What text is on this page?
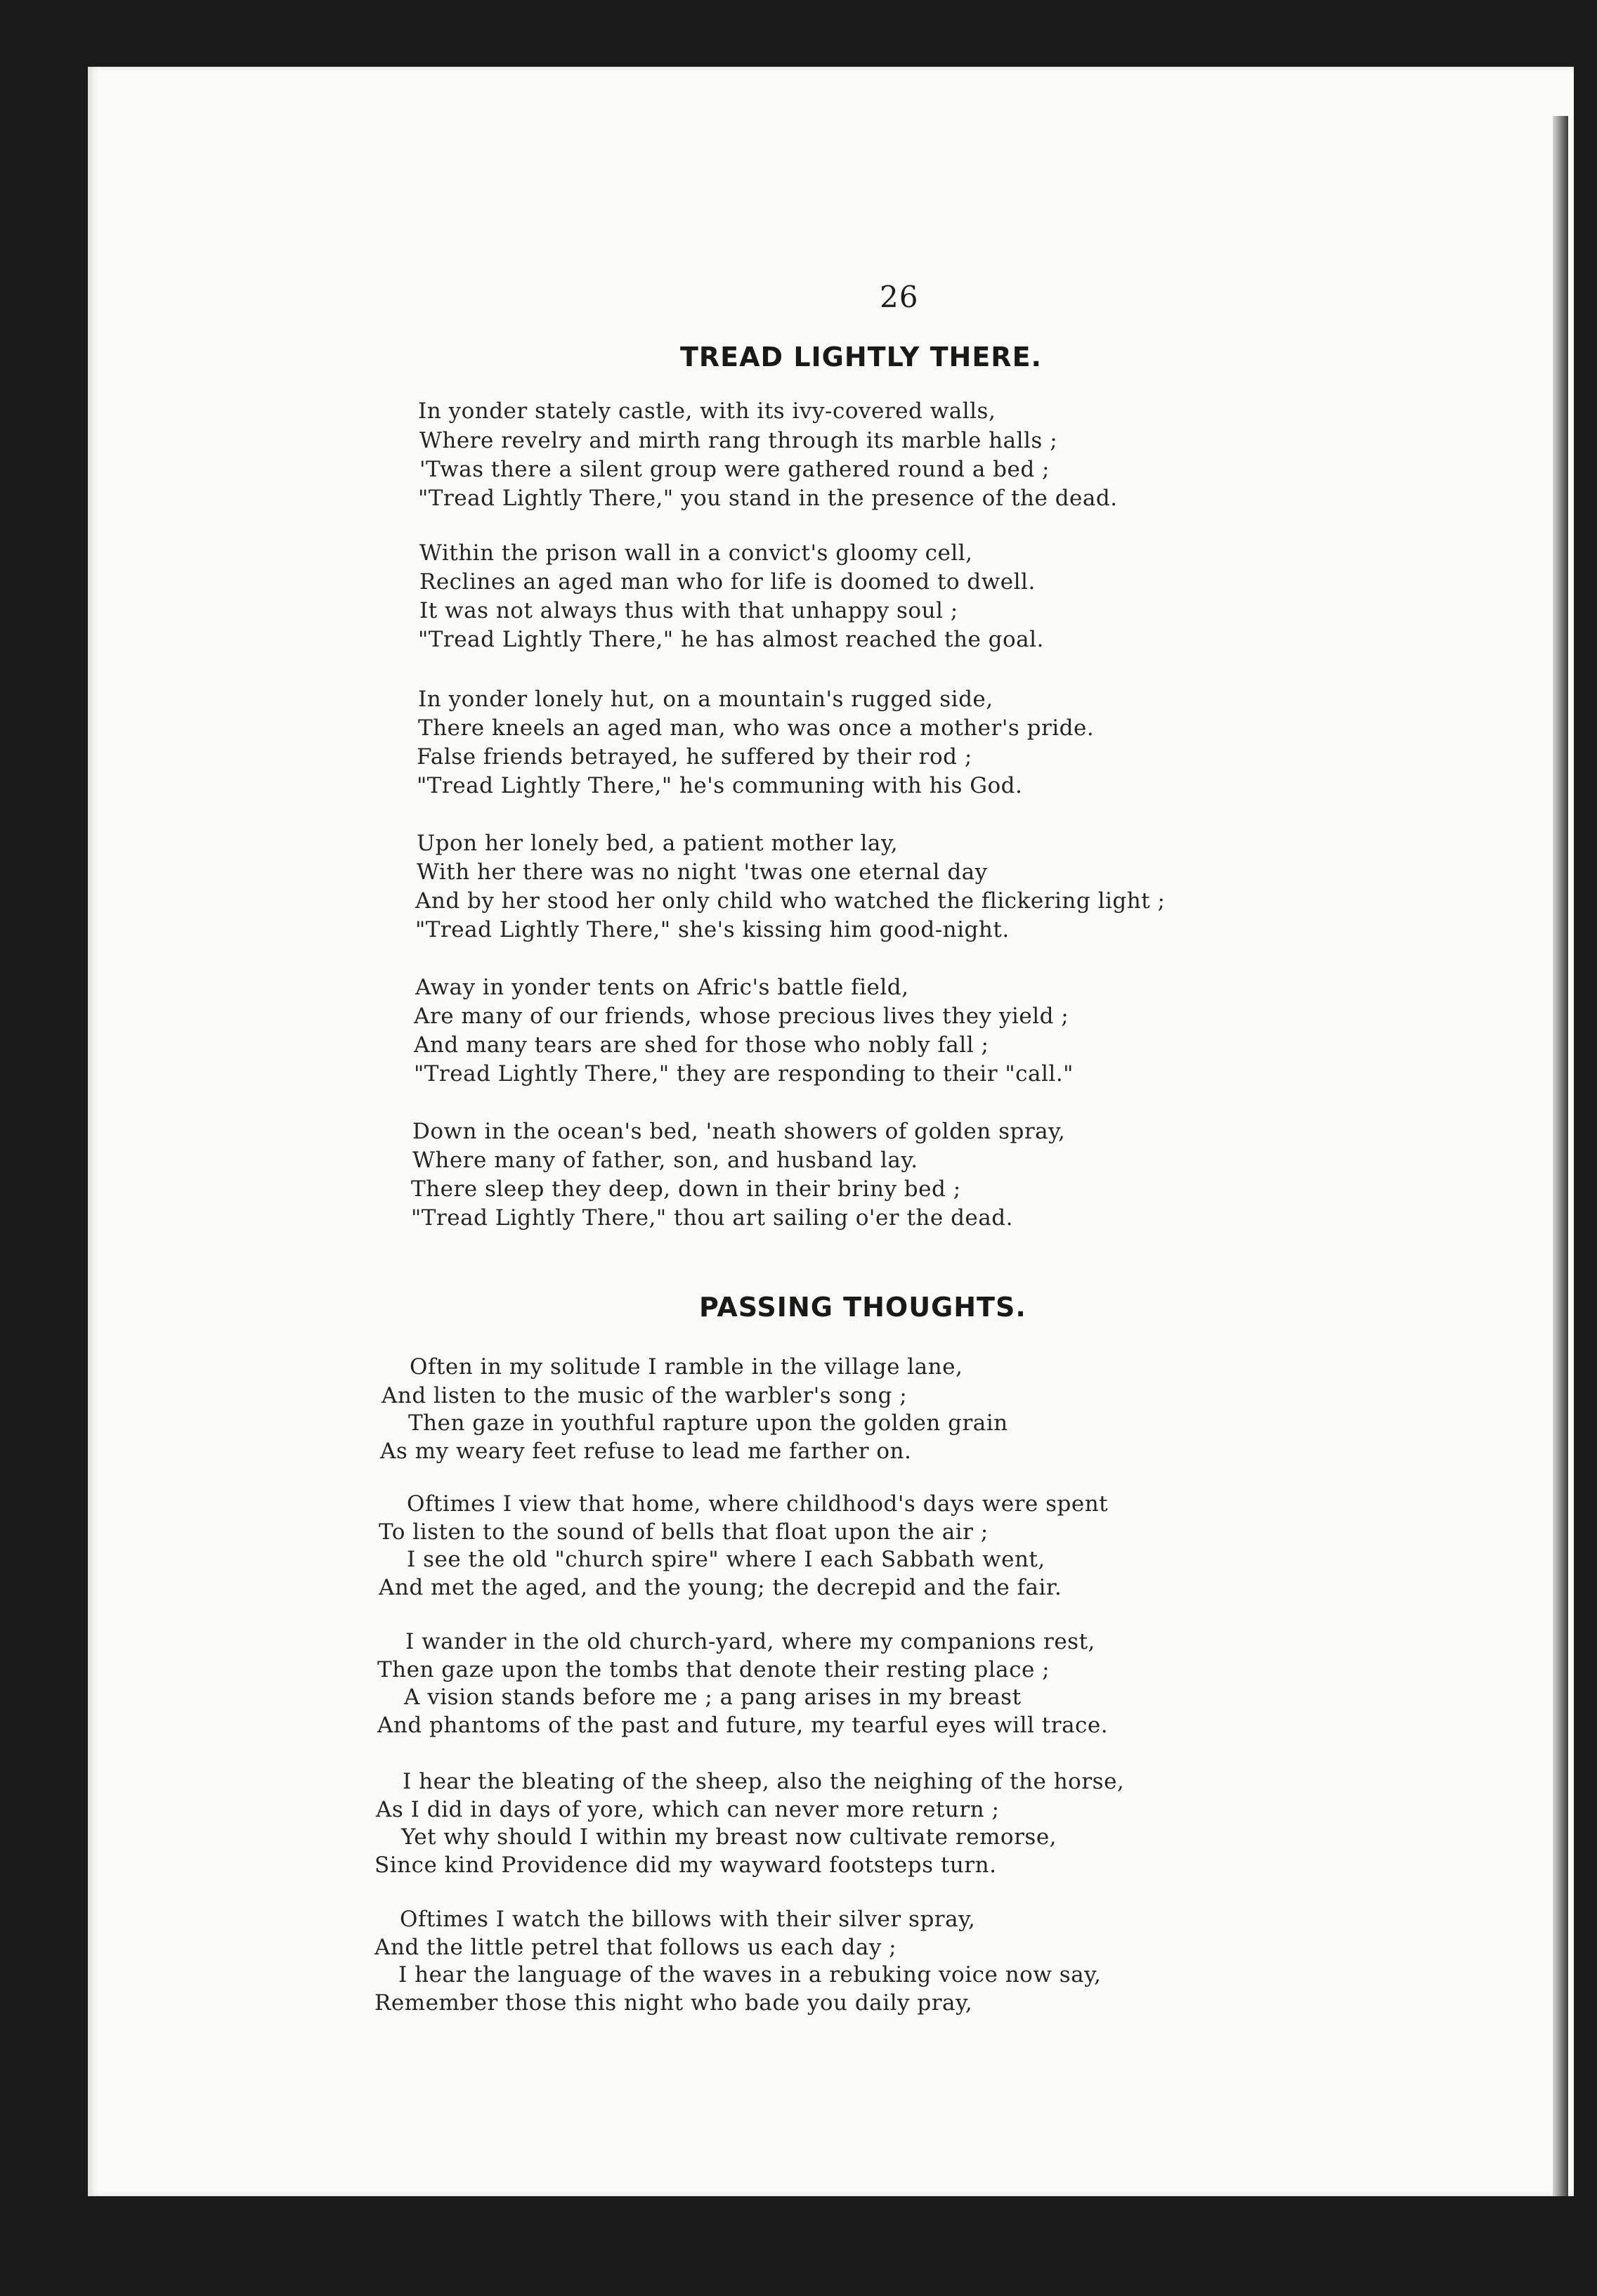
26
TREAD LIGHTLY THERE.
In yonder stately castle, with its ivy-covered walls,
Where revelry and mirth rang through its marble halls ;
'Twas there a silent group were gathered round a bed ;
"Tread Lightly There," you stand in the presence of the dead.
Within the prison wall in a convict's gloomy cell,
Reclines an aged man who for life is doomed to dwell.
It was not always thus with that unhappy soul ;
"Tread Lightly There," he has almost reached the goal.
In yonder lonely hut, on a mountain's rugged side,
There kneels an aged man, who was once a mother's pride.
False friends betrayed, he suffered by their rod ;
"Tread Lightly There," he's communing with his God.
Upon her lonely bed, a patient mother lay,
With her there was no night 'twas one eternal day
And by her stood her only child who watched the flickering light ;
"Tread Lightly There," she's kissing him good-night.
Away in yonder tents on Afric's battle field,
Are many of our friends, whose precious lives they yield ;
And many tears are shed for those who nobly fall ;
"Tread Lightly There," they are responding to their "call."
Down in the ocean's bed, 'neath showers of golden spray,
Where many of father, son, and husband lay.
There sleep they deep, down in their briny bed ;
"Tread Lightly There," thou art sailing o'er the dead.
PASSING THOUGHTS.
Often in my solitude I ramble in the village lane,
And listen to the music of the warbler's song ;
Then gaze in youthful rapture upon the golden grain
As my weary feet refuse to lead me farther on.
Oftimes I view that home, where childhood's days were spent
To listen to the sound of bells that float upon the air ;
I see the old "church spire" where I each Sabbath went,
And met the aged, and the young; the decrepid and the fair.
I wander in the old church-yard, where my companions rest,
Then gaze upon the tombs that denote their resting place ;
A vision stands before me ; a pang arises in my breast
And phantoms of the past and future, my tearful eyes will trace.
I hear the bleating of the sheep, also the neighing of the horse,
As I did in days of yore, which can never more return ;
Yet why should I within my breast now cultivate remorse,
Since kind Providence did my wayward footsteps turn.
Oftimes I watch the billows with their silver spray,
And the little petrel that follows us each day ;
I hear the language of the waves in a rebuking voice now say,
Remember those this night who bade you daily pray,
